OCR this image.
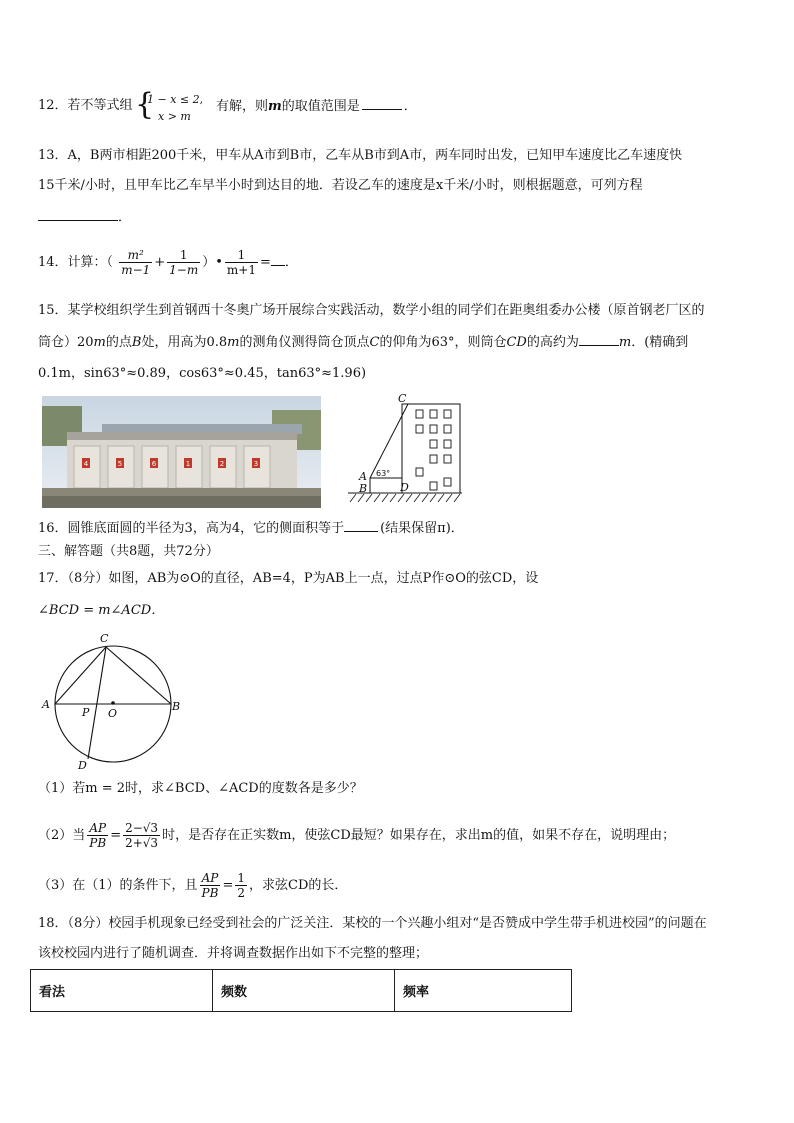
12．若不等式组 {
1 − 𝑥 ≤ 2,
𝑥 > 𝑚
有解，则m的取值范围是	．
13．A，B两市相距200千米，甲车从A市到B市，乙车从B市到A市，两车同时出发，已知甲车速度比乙车速度快
15千米/小时，且甲车比乙车早半小时到达目的地．若设乙车的速度是x千米/小时，则根据题意，可列方程
．
14．计算：（ $\frac{\text{m²}}{m-1} + \frac{1}{1-m}$ ）• $\frac{1}{m+1}$ = ．
15．某学校组织学生到首钢西十冬奥广场开展综合实践活动，数学小组的同学们在距奥组委办公楼（原首钢老厂区的
筒仓）20m的点B处，用高为0.8m的测角仪测得筒仓顶点C的仰角为63°，则筒仓CD的高约为	m．(精确到
0.1m，sin63°≈0.89，cos63°≈0.45，tan63°≈1.96)
4	5	6	1	2	3
C
A
B	D
63°
16．圆锥底面圆的半径为3，高为4，它的侧面积等于	(结果保留π)．
三、解答题（共8题，共72分）
17．（8分）如图，AB为⊙O的直径，AB=4，P为AB上一点，过点P作⊙O的弦CD，设
∠BCD = m∠ACD．
C
A	B
P O
D
（1）若m = 2时，求∠BCD、∠ACD的度数各是多少？
（2）当 $\frac{AP}{PB} = \frac{2-√3}{2+√3}$ 时，是否存在正实数m，使弦CD最短？如果存在，求出m的值，如果不存在，说明理由；
（3）在（1）的条件下，且 $\frac{AP}{PB} = \frac{1}{2}$ ，求弦CD的长．
18．（8分）校园手机现象已经受到社会的广泛关注．某校的一个兴趣小组对“是否赞成中学生带手机进校园”的问题在
该校校园内进行了随机调查．并将调查数据作出如下不完整的整理；
看法	频数	频率
